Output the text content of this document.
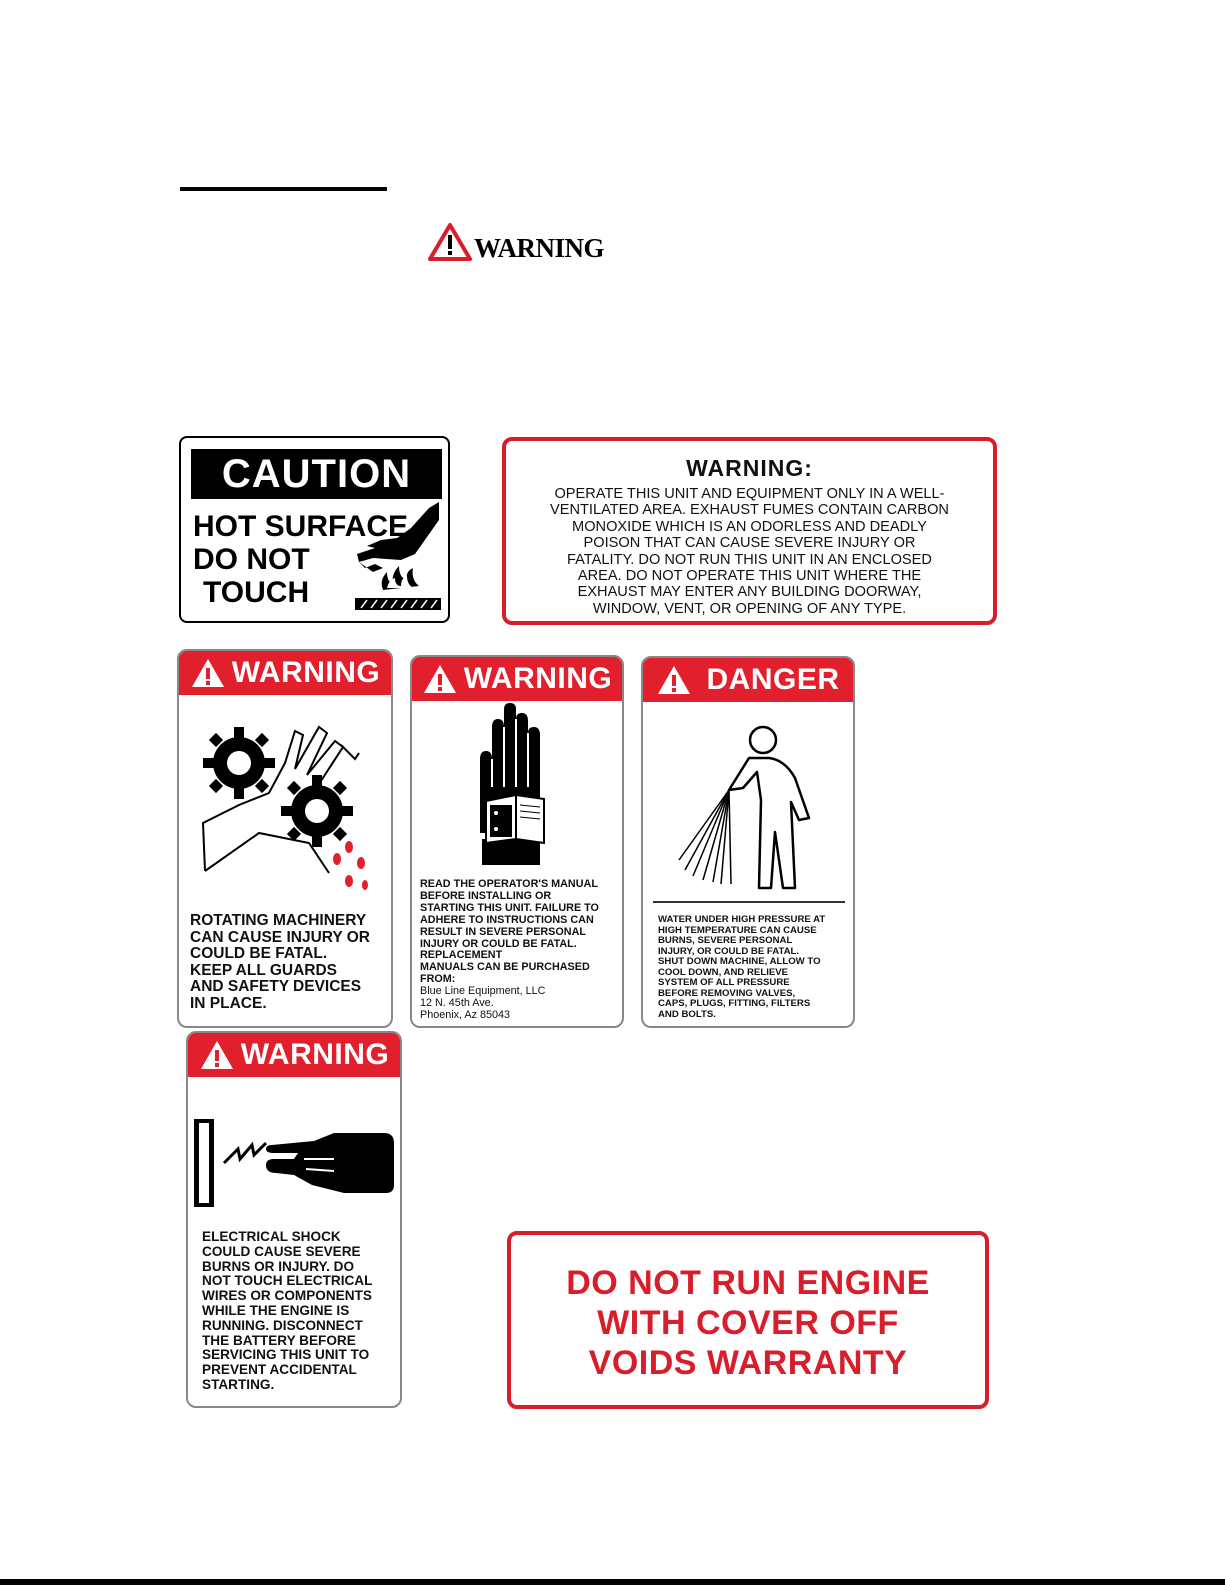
WARNING
CAUTION
HOT SURFACE
DO NOT
TOUCH
WARNING:
OPERATE THIS UNIT AND EQUIPMENT ONLY IN A WELL-
VENTILATED AREA. EXHAUST FUMES CONTAIN CARBON
MONOXIDE WHICH IS AN ODORLESS AND DEADLY
POISON THAT CAN CAUSE SEVERE INJURY OR
FATALITY. DO NOT RUN THIS UNIT IN AN ENCLOSED
AREA. DO NOT OPERATE THIS UNIT WHERE THE
EXHAUST MAY ENTER ANY BUILDING DOORWAY,
WINDOW, VENT, OR OPENING OF ANY TYPE.
WARNING
ROTATING MACHINERY
CAN CAUSE INJURY OR
COULD BE FATAL.
KEEP ALL GUARDS
AND SAFETY DEVICES
IN PLACE.
WARNING
READ THE OPERATOR'S MANUAL
BEFORE INSTALLING OR
STARTING THIS UNIT. FAILURE TO
ADHERE TO INSTRUCTIONS CAN
RESULT IN SEVERE PERSONAL
INJURY OR COULD BE FATAL.
REPLACEMENT
MANUALS CAN BE PURCHASED
FROM:
Blue Line Equipment, LLC
12 N. 45th Ave.
Phoenix, Az 85043
DANGER
WATER UNDER HIGH PRESSURE AT
HIGH TEMPERATURE CAN CAUSE
BURNS, SEVERE PERSONAL
INJURY, OR COULD BE FATAL.
SHUT DOWN MACHINE, ALLOW TO
COOL DOWN, AND RELIEVE
SYSTEM OF ALL PRESSURE
BEFORE REMOVING VALVES,
CAPS, PLUGS, FITTING, FILTERS
AND BOLTS.
WARNING
ELECTRICAL SHOCK
COULD CAUSE SEVERE
BURNS OR INJURY. DO
NOT TOUCH ELECTRICAL
WIRES OR COMPONENTS
WHILE THE ENGINE IS
RUNNING. DISCONNECT
THE BATTERY BEFORE
SERVICING THIS UNIT TO
PREVENT ACCIDENTAL
STARTING.
DO NOT RUN ENGINE
WITH COVER OFF
VOIDS WARRANTY
